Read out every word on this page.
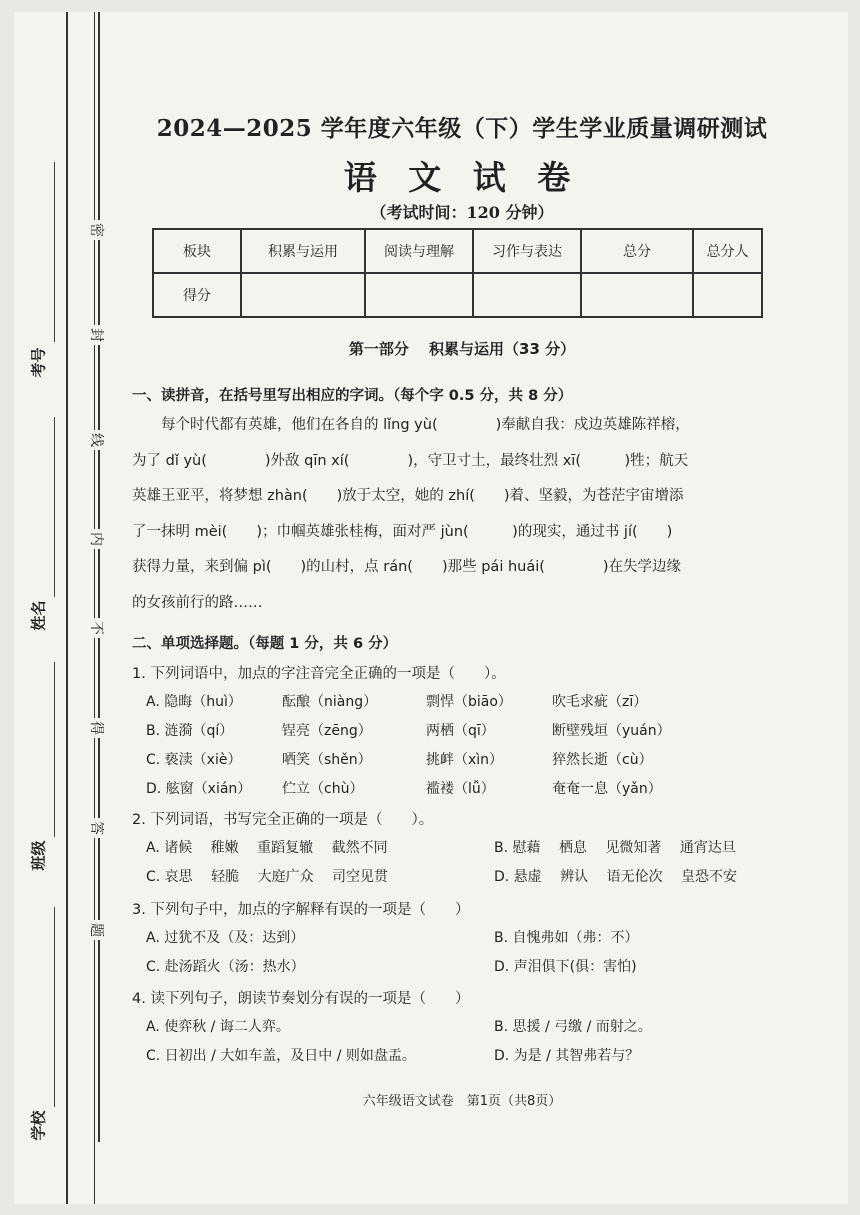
考号
姓名
班级
学校
密
封
线
内
不
得
答
题
2024—2025 学年度六年级（下）学生学业质量调研测试
语 文 试 卷
（考试时间：120 分钟）
板块	积累与运用	阅读与理解	习作与表达	总分	总分人
得分					
第一部分　 积累与运用（33 分）
一、读拼音，在括号里写出相应的字词。（每个字 0.5 分，共 8 分）
每个时代都有英雄，他们在各自的 lǐng yù(　　　　)奉献自我：戍边英雄陈祥榕，
为了 dǐ yù(　　　　)外敌 qīn xí(　　　　)，守卫寸土，最终壮烈 xī(　　　)牲；航天
英雄王亚平，将梦想 zhàn(　　)放于太空，她的 zhí(　　)着、坚毅，为苍茫宇宙增添
了一抹明 mèi(　　)；巾帼英雄张桂梅，面对严 jùn(　　　)的现实，通过书 jí(　　)
获得力量，来到偏 pì(　　)的山村，点 rán(　　)那些 pái huái(　　　　)在失学边缘
的女孩前行的路……
二、单项选择题。（每题 1 分，共 6 分）
1. 下列词语中，加点的字注音完全正确的一项是（　　）。
A. 隐晦（huì）	酝酿（niàng）	剽悍（biāo）	吹毛求疵（zī）
B. 涟漪（qí）	锃亮（zēng）	两栖（qī）	断壁残垣（yuán）
C. 亵渎（xiè）	哂笑（shěn）	挑衅（xìn）	猝然长逝（cù）
D. 舷窗（xián） 伫立（chù）	褴褛（lǚ）	奄奄一息（yǎn）
2. 下列词语，书写完全正确的一项是（　　）。
A. 诸候　 稚嫩　 重蹈复辙　 截然不同	B. 慰藉　 栖息　 见微知著　 通宵达旦
C. 哀思　 轻脆　 大庭广众　 司空见贯	D. 悬虚　 辨认　 语无伦次　 皇恐不安
3. 下列句子中，加点的字解释有误的一项是（　　）
A. 过犹不及（及：达到）	B. 自愧弗如（弗：不）
C. 赴汤蹈火（汤：热水）	D. 声泪俱下(俱：害怕)
4. 读下列句子，朗读节奏划分有误的一项是（　　）
A. 使弈秋 / 诲二人弈。	B. 思援 / 弓缴 / 而射之。
C. 日初出 / 大如车盖，及日中 / 则如盘盂。	D. 为是 / 其智弗若与？
六年级语文试卷　第1页（共8页）
